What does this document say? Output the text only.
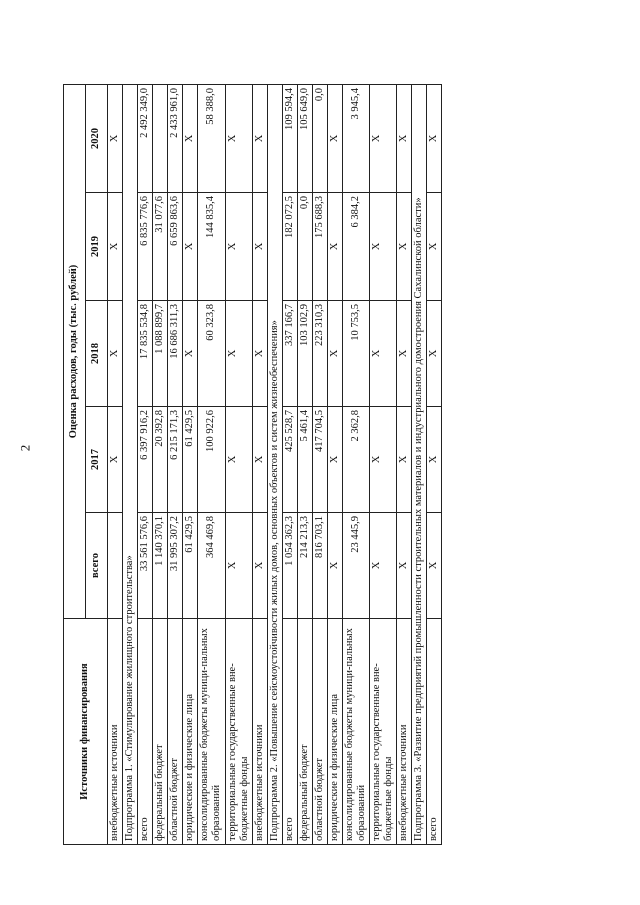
2
Источники финансирования	Оценка расходов, годы (тыс. рублей)				
	всего	2017	2018	2019	2020
внебюджетные источники		Х	Х	Х	Х
Подпрограмма 1. «Стимулирование жилищного строительства»					
всего	33 561 576,6	6 397 916,2	17 835 534,8	6 835 776,6	2 492 349,0
федеральный бюджет	1 140 370,1	20 392,8	1 088 899,7	31 077,6	
областной бюджет	31 995 307,2	6 215 171,3	16 686 311,3	6 659 863,6	2 433 961,0
юридические и физические лица	61 429,5	61 429,5	Х	Х	Х
консолидированные бюджеты муници-пальных образований	364 469,8	100 922,6	60 323,8	144 835,4	58 388,0
территориальные государственные вне-бюджетные фонды	Х	Х	Х	Х	Х
внебюджетные источники	Х	Х	Х	Х	Х
Подпрограмма 2. «Повышение сейсмоустойчивости жилых домов, основных объектов и систем жизнеобеспечения»					
всего	1 054 362,3	425 528,7	337 166,7	182 072,5	109 594,4
федеральный бюджет	214 213,3	5 461,4	103 102,9	0,0	105 649,0
областной бюджет	816 703,1	417 704,5	223 310,3	175 688,3	0,0
юридические и физические лица	Х	Х	Х	Х	Х
консолидированные бюджеты муници-пальных образований	23 445,9	2 362,8	10 753,5	6 384,2	3 945,4
территориальные государственные вне-бюджетные фонды	Х	Х	Х	Х	Х
внебюджетные источники	Х	Х	Х	Х	Х
Подпрограмма 3. «Развитие предприятий промышленности строительных материалов и индустриального домостроения Сахалинской области»					
всего	Х	Х	Х	Х	Х
